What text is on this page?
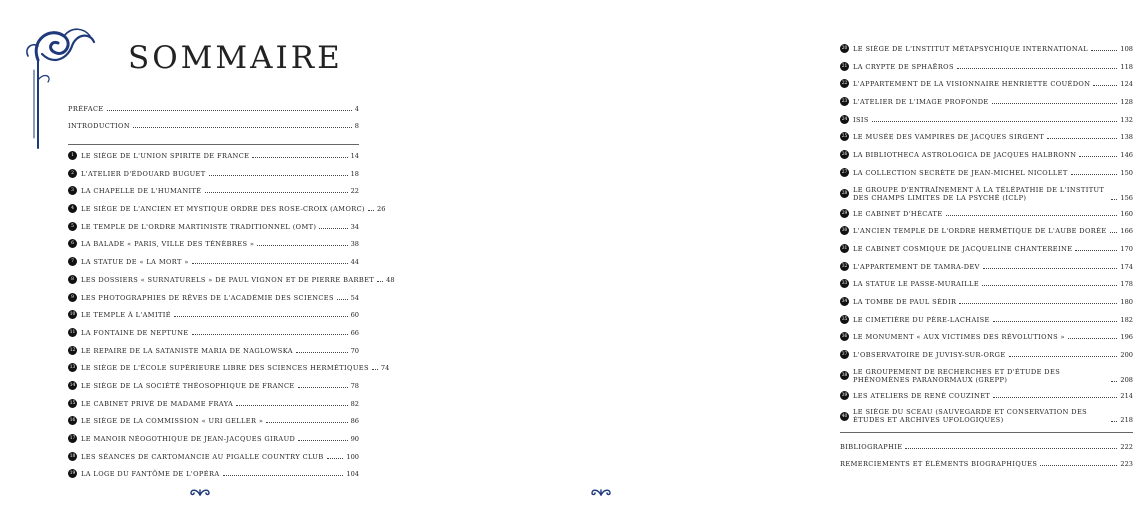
SOMMAIRE
PRÉFACE	4
INTRODUCTION	8
1	LE SIÈGE DE L'UNION SPIRITE DE FRANCE	14
2	L'ATELIER D'ÉDOUARD BUGUET	18
3	LA CHAPELLE DE L'HUMANITÉ	22
4	LE SIÈGE DE L'ANCIEN ET MYSTIQUE ORDRE DES ROSE-CROIX (AMORC) 26
5	LE TEMPLE DE L'ORDRE MARTINISTE TRADITIONNEL (OMT)	34
6	LA BALADE « PARIS, VILLE DES TÉNÈBRES »	38
7	LA STATUE DE « LA MORT »	44
8	LES DOSSIERS « SURNATURELS » DE PAUL VIGNON ET DE PIERRE BARBET 48
9	LES PHOTOGRAPHIES DE RÊVES DE L'ACADÉMIE DES SCIENCES	54
10 LE TEMPLE À L'AMITIÉ	60
11 LA FONTAINE DE NEPTUNE	66
12 LE REPAIRE DE LA SATANISTE MARIA DE NAGLOWSKA	70
13 LE SIÈGE DE L'ÉCOLE SUPÉRIEURE LIBRE DES SCIENCES HERMÉTIQUES 74
14 LE SIÈGE DE LA SOCIÉTÉ THÉOSOPHIQUE DE FRANCE	78
15 LE CABINET PRIVÉ DE MADAME FRAYA	82
16 LE SIÈGE DE LA COMMISSION « URI GELLER »	86
17 LE MANOIR NÉOGOTHIQUE DE JEAN-JACQUES GIRAUD	90
18 LES SÉANCES DE CARTOMANCIE AU PIGALLE COUNTRY CLUB	100
19 LA LOGE DU FANTÔME DE L'OPÉRA	104
20 LE SIÈGE DE L'INSTITUT MÉTAPSYCHIQUE INTERNATIONAL	108
21 LA CRYPTE DE SPHAËROS	118
22 L'APPARTEMENT DE LA VISIONNAIRE HENRIETTE COUÉDON	124
23 L'ATELIER DE L'IMAGE PROFONDE	128
24 ISIS	132
25 LE MUSÉE DES VAMPIRES DE JACQUES SIRGENT	138
26 LA BIBLIOTHECA ASTROLOGICA DE JACQUES HALBRONN	146
27 LA COLLECTION SECRÈTE DE JEAN-MICHEL NICOLLET	150
28 LE GROUPE D'ENTRAÎNEMENT À LA TÉLÉPATHIE DE L'INSTITUT DES CHAMPS LIMITES DE LA PSYCHÉ (ICLP)	156
29 LE CABINET D'HÉCATE	160
30 L'ANCIEN TEMPLE DE L'ORDRE HERMÉTIQUE DE L'AUBE DORÉE 166
31 LE CABINET COSMIQUE DE JACQUELINE CHANTEREINE	170
32 L'APPARTEMENT DE TAMRA-DEV	174
33 LA STATUE LE PASSE-MURAILLE	178
34 LA TOMBE DE PAUL SÉDIR	180
35 LE CIMETIÈRE DU PÈRE-LACHAISE	182
36 LE MONUMENT « AUX VICTIMES DES RÉVOLUTIONS »	196
37 L'OBSERVATOIRE DE JUVISY-SUR-ORGE	200
38 LE GROUPEMENT DE RECHERCHES ET D'ÉTUDE DES PHÉNOMÈNES PARANORMAUX (GREPP)	208
39 LES ATELIERS DE RENÉ COUZINET	214
40 LE SIÈGE DU SCEAU (SAUVEGARDE ET CONSERVATION DES ÉTUDES ET ARCHIVES UFOLOGIQUES)	218
BIBLIOGRAPHIE	222
REMERCIEMENTS ET ÉLÉMENTS BIOGRAPHIQUES	223
